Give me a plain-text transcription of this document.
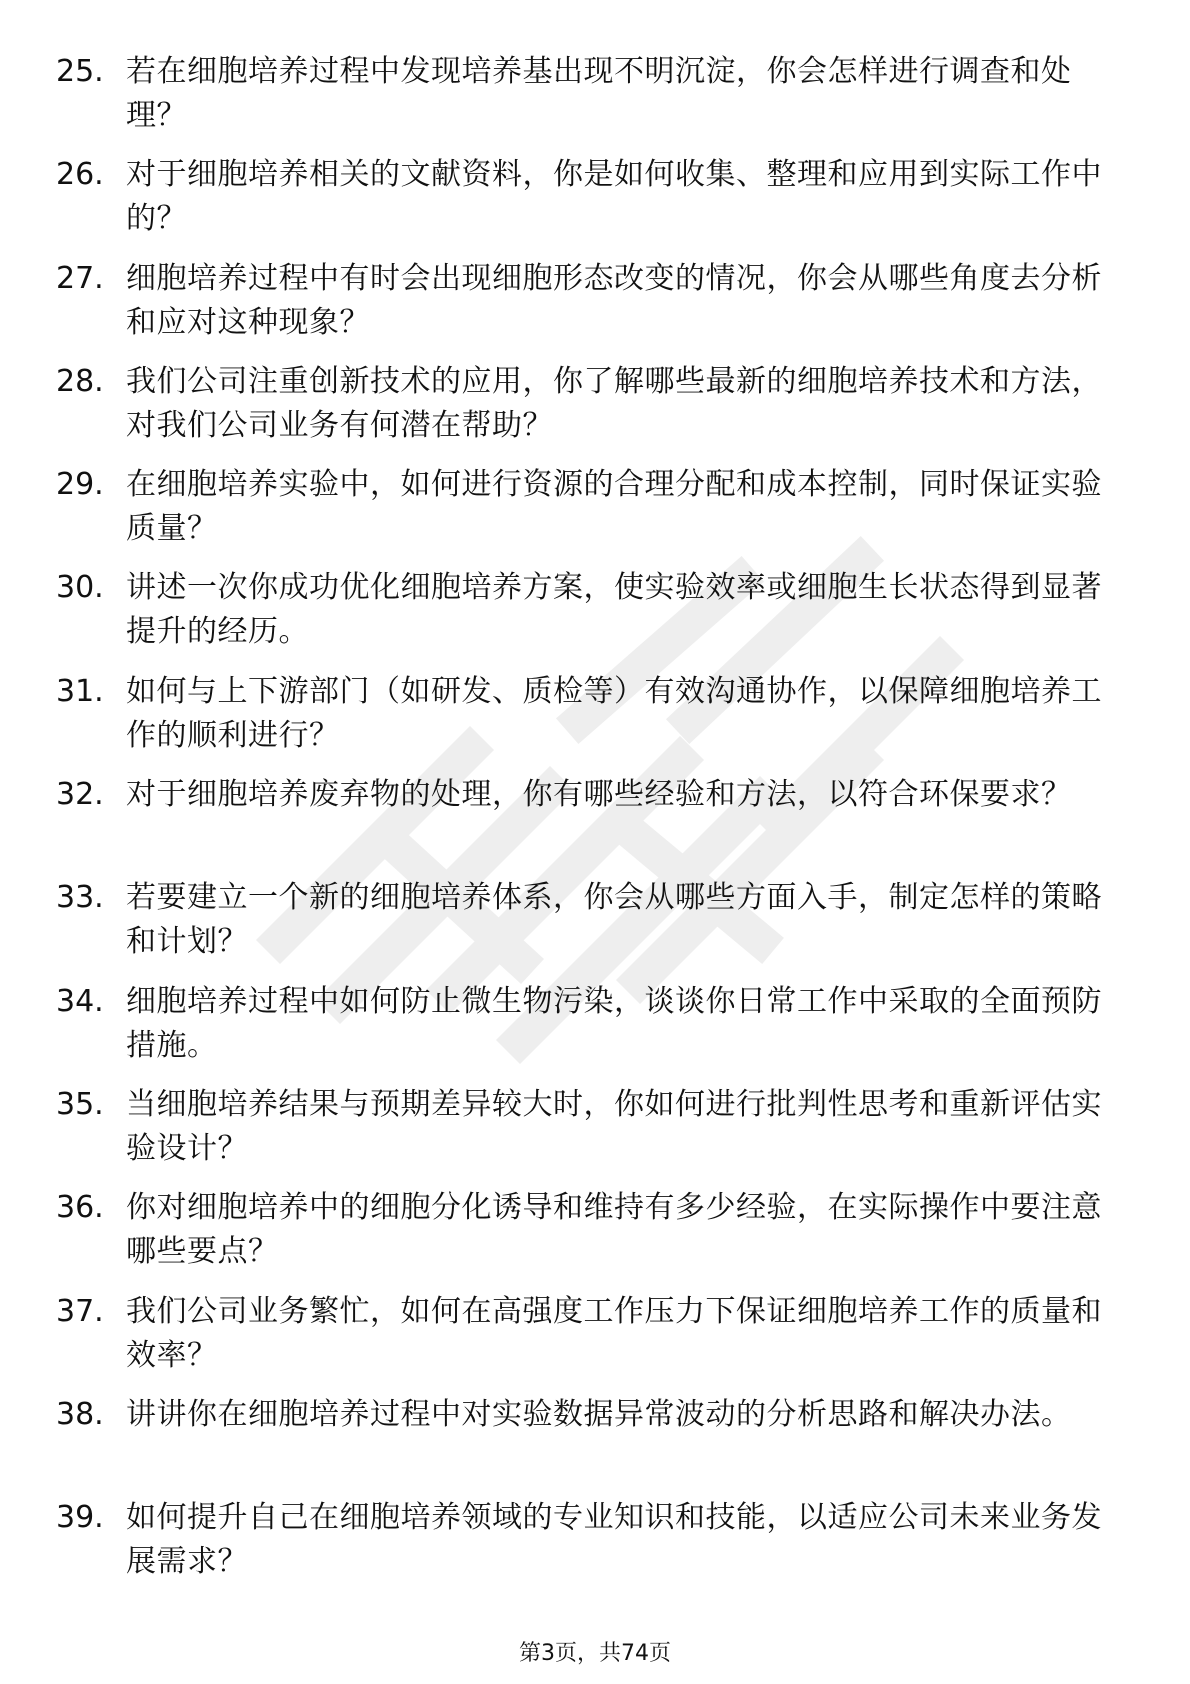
25. 若在细胞培养过程中发现培养基出现不明沉淀，你会怎样进行调查和处理？
26. 对于细胞培养相关的文献资料，你是如何收集、整理和应用到实际工作中的？
27. 细胞培养过程中有时会出现细胞形态改变的情况，你会从哪些角度去分析和应对这种现象？
28. 我们公司注重创新技术的应用，你了解哪些最新的细胞培养技术和方法，对我们公司业务有何潜在帮助？
29. 在细胞培养实验中，如何进行资源的合理分配和成本控制，同时保证实验质量？
30. 讲述一次你成功优化细胞培养方案，使实验效率或细胞生长状态得到显著提升的经历。
31. 如何与上下游部门（如研发、质检等）有效沟通协作，以保障细胞培养工作的顺利进行？
32. 对于细胞培养废弃物的处理，你有哪些经验和方法，以符合环保要求？
33. 若要建立一个新的细胞培养体系，你会从哪些方面入手，制定怎样的策略和计划？
34. 细胞培养过程中如何防止微生物污染，谈谈你日常工作中采取的全面预防措施。
35. 当细胞培养结果与预期差异较大时，你如何进行批判性思考和重新评估实验设计？
36. 你对细胞培养中的细胞分化诱导和维持有多少经验，在实际操作中要注意哪些要点？
37. 我们公司业务繁忙，如何在高强度工作压力下保证细胞培养工作的质量和效率？
38. 讲讲你在细胞培养过程中对实验数据异常波动的分析思路和解决办法。
39. 如何提升自己在细胞培养领域的专业知识和技能，以适应公司未来业务发展需求？
第3页，共74页
